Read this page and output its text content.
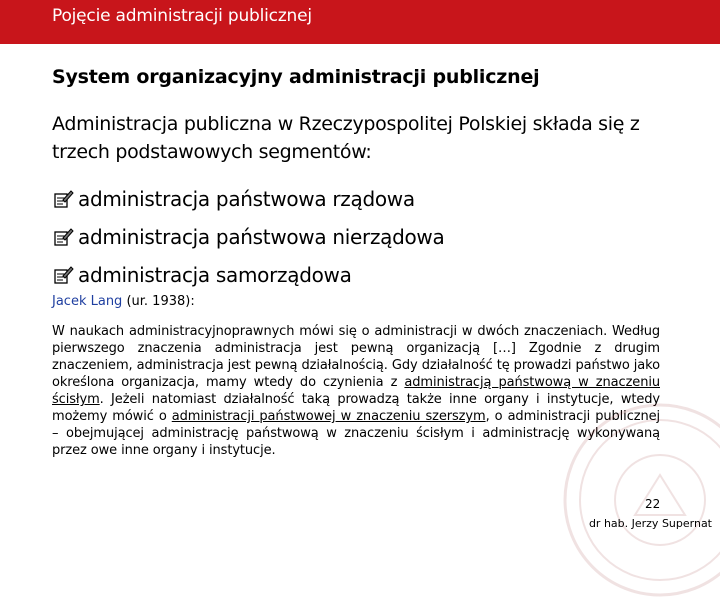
Pojęcie administracji publicznej
System organizacyjny administracji publicznej
Administracja publiczna w Rzeczypospolitej Polskiej składa się z trzech podstawowych segmentów:
administracja państwowa rządowa
administracja państwowa nierządowa
administracja samorządowa
Jacek Lang (ur. 1938):
W naukach administracyjnoprawnych mówi się o administracji w dwóch znaczeniach. Według pierwszego znaczenia administracja jest pewną organizacją […] Zgodnie z drugim znaczeniem, administracja jest pewną działalnością. Gdy działalność tę prowadzi państwo jako określona organizacja, mamy wtedy do czynienia z administracją państwową w znaczeniu ścisłym. Jeżeli natomiast działalność taką prowadzą także inne organy i instytucje, wtedy możemy mówić o administracji państwowej w znaczeniu szerszym, o administracji publicznej – obejmującej administrację państwową w znaczeniu ścisłym i administrację wykonywaną przez owe inne organy i instytucje.
22
dr hab. Jerzy Supernat
